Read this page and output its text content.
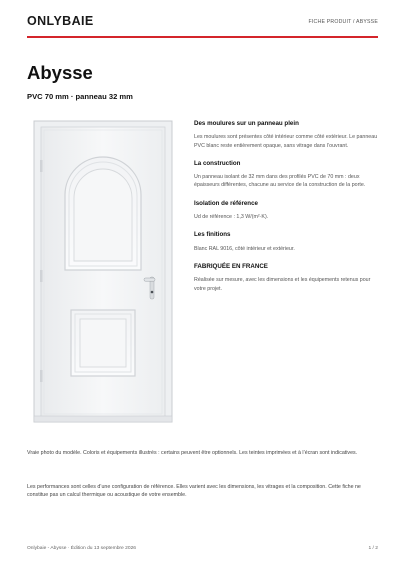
ONLYBAIE	FICHE PRODUIT / ABYSSE
Abysse
PVC 70 mm · panneau 32 mm
Des moulures sur un panneau plein
Les moulures sont présentes côté intérieur comme côté extérieur. Le panneau PVC blanc reste entièrement opaque, sans vitrage dans l’ouvrant.
La construction
Un panneau isolant de 32 mm dans des profilés PVC de 70 mm : deux épaisseurs différentes, chacune au service de la construction de la porte.
Isolation de référence
Ud de référence : 1,3 W/(m²·K).
Les finitions
Blanc RAL 9016, côté intérieur et extérieur.
FABRIQUÉE EN FRANCE
Réalisée sur mesure, avec les dimensions et les équipements retenus pour votre projet.
Vraie photo du modèle. Coloris et équipements illustrés : certains peuvent être optionnels. Les teintes imprimées et à l’écran sont indicatives.
Les performances sont celles d’une configuration de référence. Elles varient avec les dimensions, les vitrages et la composition. Cette fiche ne constitue pas un calcul thermique ou acoustique de votre ensemble.
Onlybaie - Abysse · Édition du 13 septembre 2026	1 / 2
